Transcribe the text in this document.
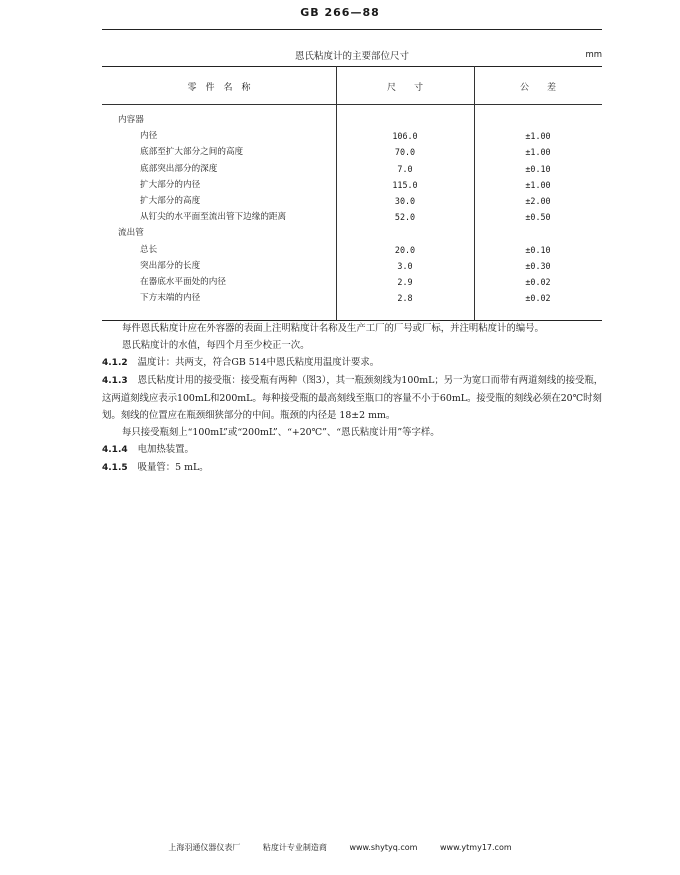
GB 266—88
恩氏粘度计的主要部位尺寸	mm
零　件　名　称	尺　　寸	公　　差
内容器
内径	106.0	±1.00
底部至扩大部分之间的高度	70.0	±1.00
底部突出部分的深度	7.0	±0.10
扩大部分的内径	115.0	±1.00
扩大部分的高度	30.0	±2.00
从钉尖的水平面至流出管下边缘的距离	52.0	±0.50
流出管
总长	20.0	±0.10
突出部分的长度	3.0	±0.30
在器底水平面处的内径	2.9	±0.02
下方末端的内径	2.8	±0.02

每件恩氏粘度计应在外容器的表面上注明粘度计名称及生产工厂的厂号或厂标，并注明粘度计的编号。

恩氏粘度计的水值，每四个月至少校正一次。

4.1.2 温度计：共两支，符合GB 514中恩氏粘度用温度计要求。

4.1.3 恩氏粘度计用的接受瓶：接受瓶有两种（图3），其一瓶颈刻线为100mL；另一为宽口而带有两道刻线的接受瓶，这两道刻线应表示100mL和200mL。每种接受瓶的最高刻线至瓶口的容量不小于60mL。接受瓶的刻线必须在20℃时刻划。刻线的位置应在瓶颈细狭部分的中间。瓶颈的内径是 18±2 mm。

每只接受瓶刻上“100mL”或“200mL”、“+20℃”、“恩氏粘度计用”等字样。

4.1.4 电加热装置。

4.1.5 吸量管：5 mL。

上海羽通仪器仪表厂	粘度计专业制造商	www.shytyq.com	www.ytmy17.com
